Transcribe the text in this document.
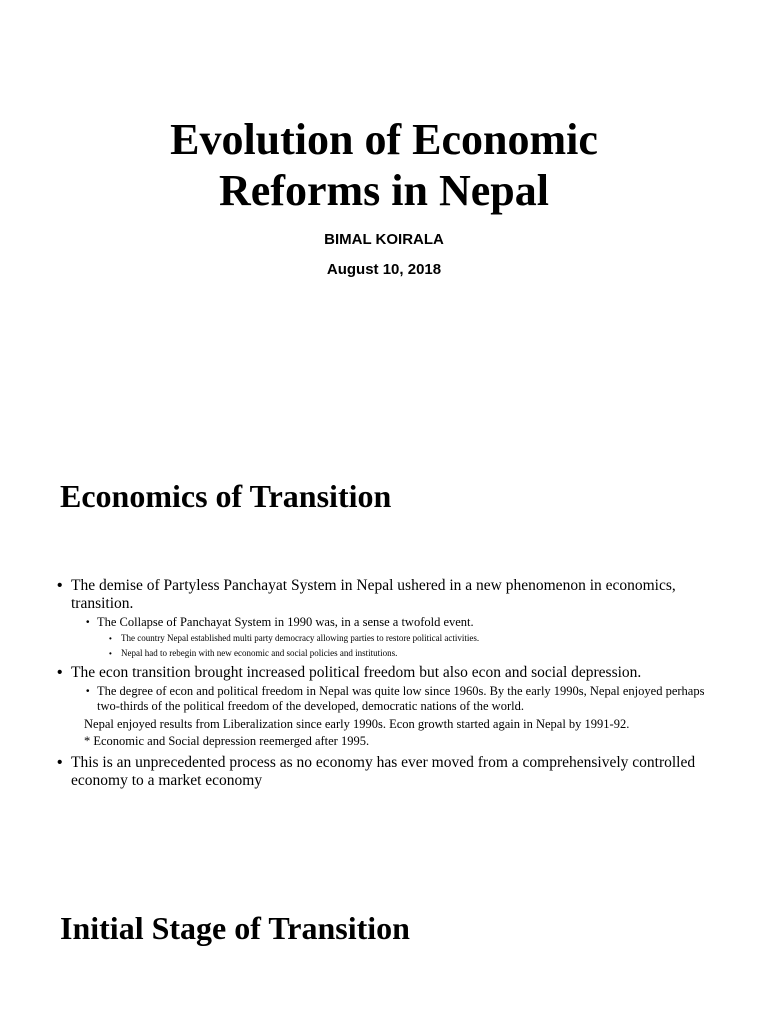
Evolution of Economic
Reforms in Nepal
BIMAL KOIRALA
August 10, 2018
Economics of Transition
• The demise of Partyless Panchayat System in Nepal ushered in a new phenomenon in economics, transition.
• The Collapse of Panchayat System in 1990 was, in a sense a twofold event.
• The country Nepal established multi party democracy allowing parties to restore political activities.
• Nepal had to rebegin with new economic and social policies and institutions.
• The econ transition brought increased political freedom but also econ and social depression.
• The degree of econ and political freedom in Nepal was quite low since 1960s. By the early 1990s, Nepal enjoyed perhaps two-thirds of the political freedom of the developed, democratic nations of the world.
Nepal enjoyed results from Liberalization since early 1990s. Econ growth started again in Nepal by 1991-92.
* Economic and Social depression reemerged after 1995.
• This is an unprecedented process as no economy has ever moved from a comprehensively controlled economy to a market economy
Initial Stage of Transition
